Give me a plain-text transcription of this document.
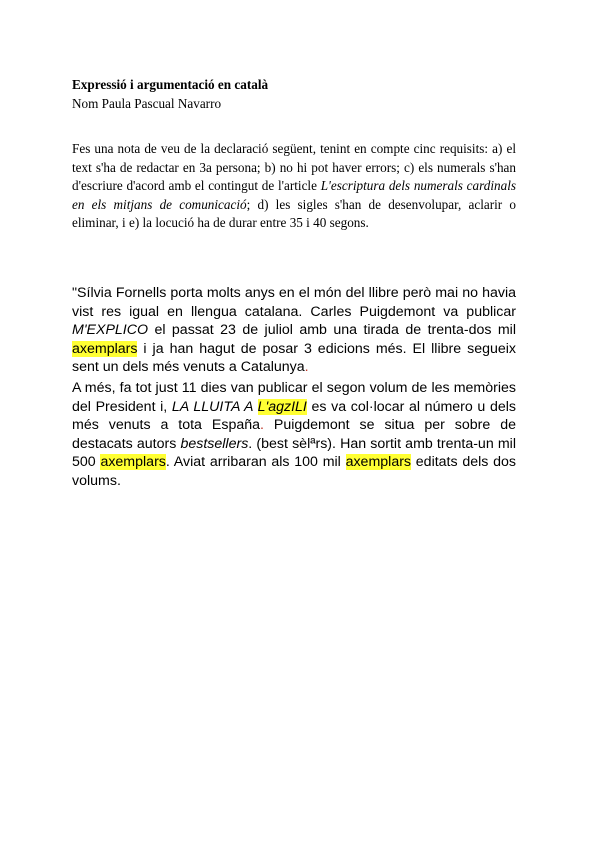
Expressió i argumentació en català
Nom Paula Pascual Navarro

Fes una nota de veu de la declaració següent, tenint en compte cinc requisits: a) el text s'ha de redactar en 3a persona; b) no hi pot haver errors; c) els numerals s'han d'escriure d'acord amb el contingut de l'article L'escriptura dels numerals cardinals en els mitjans de comunicació; d) les sigles s'han de desenvolupar, aclarir o eliminar, i e) la locució ha de durar entre 35 i 40 segons.

"Sílvia Fornells porta molts anys en el món del llibre però mai no havia vist res igual en llengua catalana. Carles Puigdemont va publicar M'EXPLICO el passat 23 de juliol amb una tirada de trenta-dos mil axemplars i ja han hagut de posar 3 edicions més. El llibre segueix sent un dels més venuts a Catalunya.

A més, fa tot just 11 dies van publicar el segon volum de les memòries del President i, LA LLUITA A L'agzILI es va col·locar al número u dels més venuts a tota España. Puigdemont se situa per sobre de destacats autors bestsellers. (best sèlªrs). Han sortit amb trenta-un mil 500 axemplars. Aviat arribaran als 100 mil axemplars editats dels dos volums.
